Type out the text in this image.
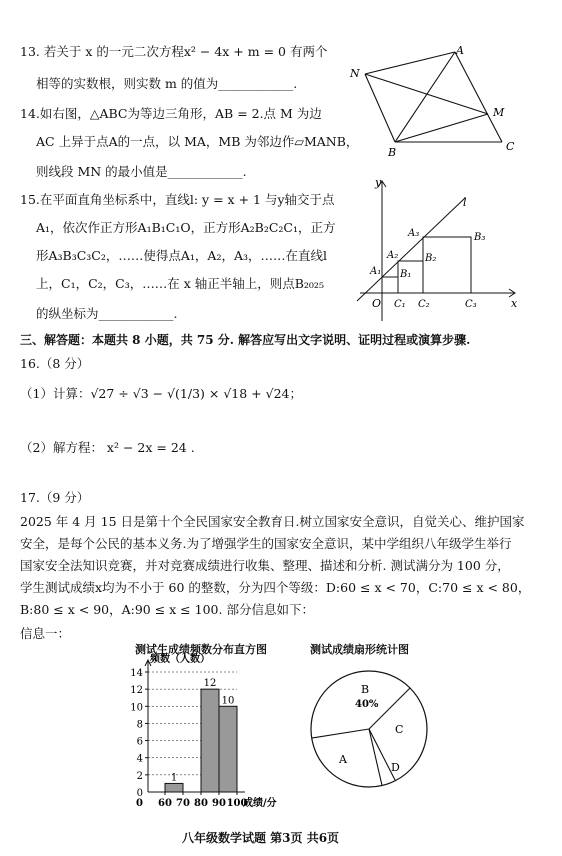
13. 若关于 x 的一元二次方程x² − 4x + m = 0 有两个
相等的实数根，则实数 m 的值为____________.
14.如右图，△ABC为等边三角形，AB = 2.点 M 为边
AC 上异于点A的一点，以 MA，MB 为邻边作▱MANB，
则线段 MN 的最小值是____________.
A
N
M
B	C
15.在平面直角坐标系中，直线l: y = x + 1 与y轴交于点
A₁，依次作正方形A₁B₁C₁O，正方形A₂B₂C₂C₁，正方
形A₃B₃C₃C₂，……使得点A₁，A₂，A₃，……在直线l
上，C₁，C₂，C₃，……在 x 轴正半轴上，则点B₂₀₂₅
的纵坐标为____________.
y
l
x
O
A₁
A₂
A₃
B₁
B₂
B₃
C₁ C₂	C₃
三、解答题：本题共 8 小题，共 75 分. 解答应写出文字说明、证明过程或演算步骤.
16.（8 分）
（1）计算：√27 ÷ √3 − √(1/3) × √18 + √24；
（2）解方程： x² − 2x = 24 .
17.（9 分）
2025 年 4 月 15 日是第十个全民国家安全教育日.树立国家安全意识，自觉关心、维护国家
安全，是每个公民的基本义务.为了增强学生的国家安全意识，某中学组织八年级学生举行
国家安全法知识竞赛，并对竞赛成绩进行收集、整理、描述和分析. 测试满分为 100 分，
学生测试成绩x均为不小于 60 的整数，分为四个等级：D:60 ≤ x < 70，C:70 ≤ x < 80，
B:80 ≤ x < 90，A:90 ≤ x ≤ 100. 部分信息如下：
信息一：
测试生成绩频数分布直方图
频数（人数）
0
2
4
6
8
10
12
14
1
12
10
0 60 70 80 90 100
成绩/分
测试成绩扇形统计图
B
C
D
A
40%
八年级数学试题 第3页 共6页
